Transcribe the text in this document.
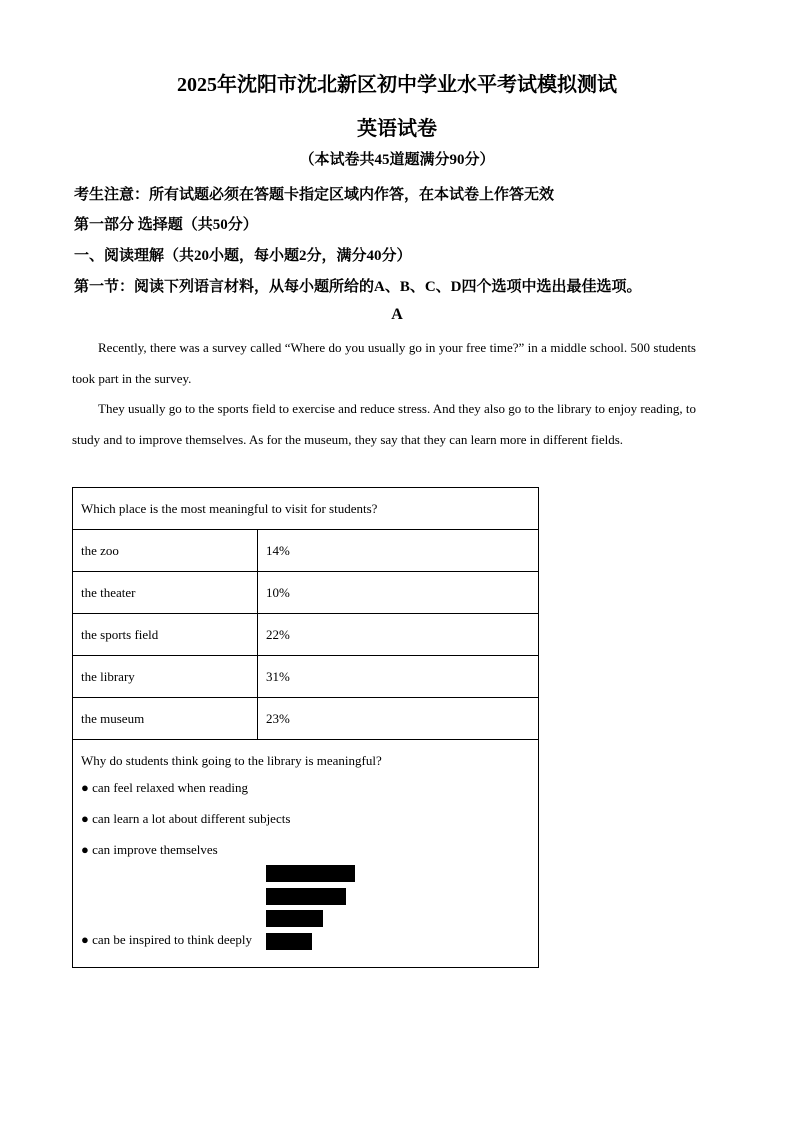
2025年沈阳市沈北新区初中学业水平考试模拟测试
英语试卷
（本试卷共45道题满分90分）
考生注意：所有试题必须在答题卡指定区域内作答，在本试卷上作答无效
第一部分 选择题（共50分）
一、阅读理解（共20小题，每小题2分，满分40分）
第一节：阅读下列语言材料，从每小题所给的A、B、C、D四个选项中选出最佳选项。
A
Recently, there was a survey called “Where do you usually go in your free time?” in a middle school. 500 students took part in the survey.
They usually go to the sports field to exercise and reduce stress. And they also go to the library to enjoy reading, to study and to improve themselves. As for the museum, they say that they can learn more in different fields.
Which place is the most meaningful to visit for students?	
the zoo	14%
the theater	10%
the sports field	22%
the library	31%
the museum	23%

Why do students think going to the library is meaningful?
● can feel relaxed when reading
● can learn a lot about different subjects
● can improve themselves
● can be inspired to think deeply	
